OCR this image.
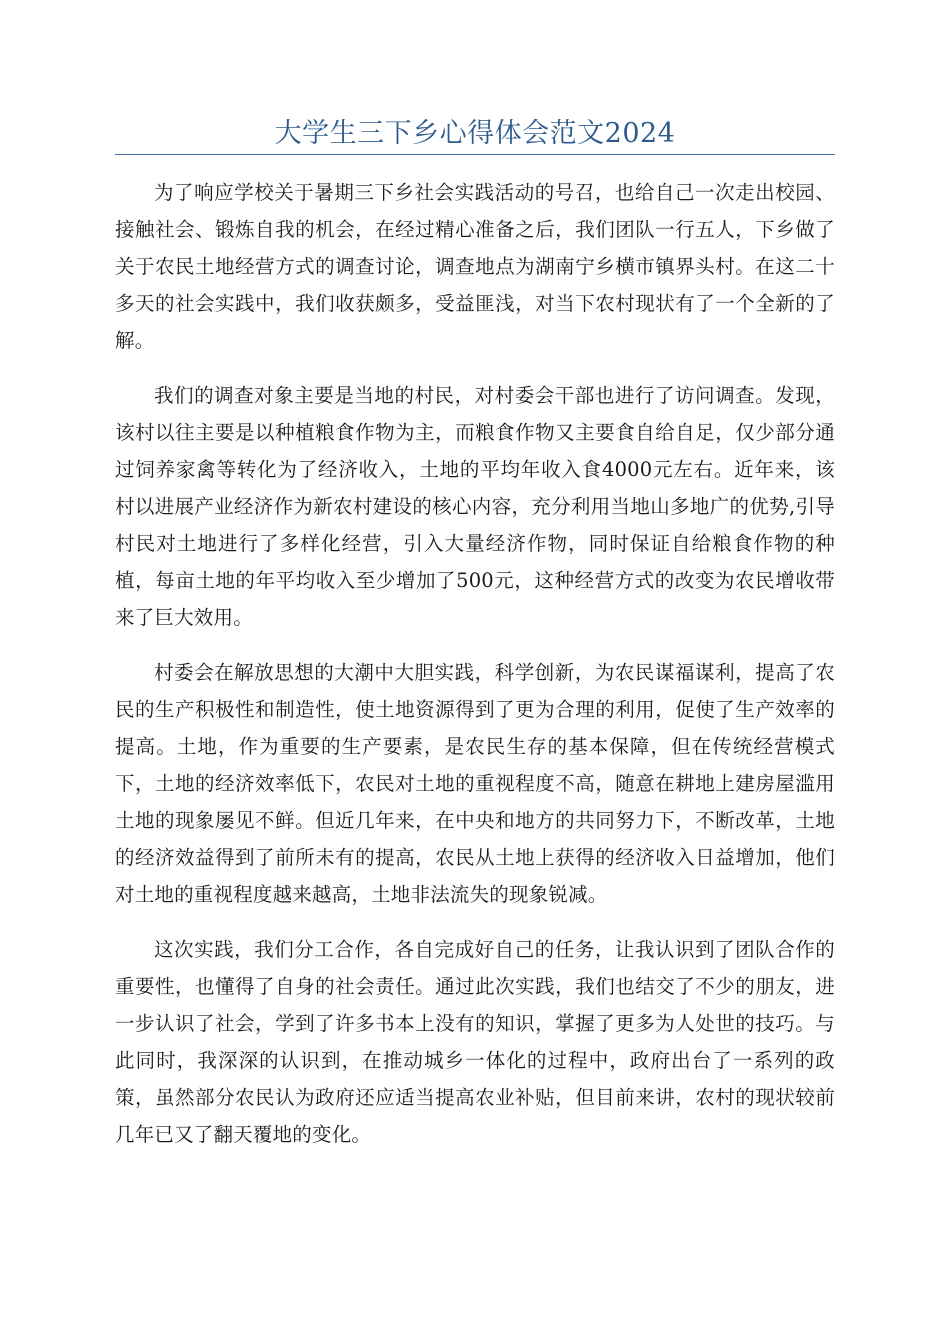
大学生三下乡心得体会范文2024

为了响应学校关于暑期三下乡社会实践活动的号召，也给自己一次走出校园、接触社会、锻炼自我的机会，在经过精心准备之后，我们团队一行五人，下乡做了关于农民土地经营方式的调查讨论，调查地点为湖南宁乡横市镇界头村。在这二十多天的社会实践中，我们收获颇多，受益匪浅，对当下农村现状有了一个全新的了解。

我们的调查对象主要是当地的村民，对村委会干部也进行了访问调查。发现，该村以往主要是以种植粮食作物为主，而粮食作物又主要食自给自足，仅少部分通过饲养家禽等转化为了经济收入，土地的平均年收入食4000元左右。近年来，该村以进展产业经济作为新农村建设的核心内容，充分利用当地山多地广的优势,引导村民对土地进行了多样化经营，引入大量经济作物，同时保证自给粮食作物的种植，每亩土地的年平均收入至少增加了500元，这种经营方式的改变为农民增收带来了巨大效用。

村委会在解放思想的大潮中大胆实践，科学创新，为农民谋福谋利，提高了农民的生产积极性和制造性，使土地资源得到了更为合理的利用，促使了生产效率的提高。土地，作为重要的生产要素，是农民生存的基本保障，但在传统经营模式下，土地的经济效率低下，农民对土地的重视程度不高，随意在耕地上建房屋滥用土地的现象屡见不鲜。但近几年来，在中央和地方的共同努力下，不断改革，土地的经济效益得到了前所未有的提高，农民从土地上获得的经济收入日益增加，他们对土地的重视程度越来越高，土地非法流失的现象锐减。

这次实践，我们分工合作，各自完成好自己的任务，让我认识到了团队合作的重要性，也懂得了自身的社会责任。通过此次实践，我们也结交了不少的朋友，进一步认识了社会，学到了许多书本上没有的知识，掌握了更多为人处世的技巧。与此同时，我深深的认识到，在推动城乡一体化的过程中，政府出台了一系列的政策，虽然部分农民认为政府还应适当提高农业补贴，但目前来讲，农村的现状较前几年已又了翻天覆地的变化。
